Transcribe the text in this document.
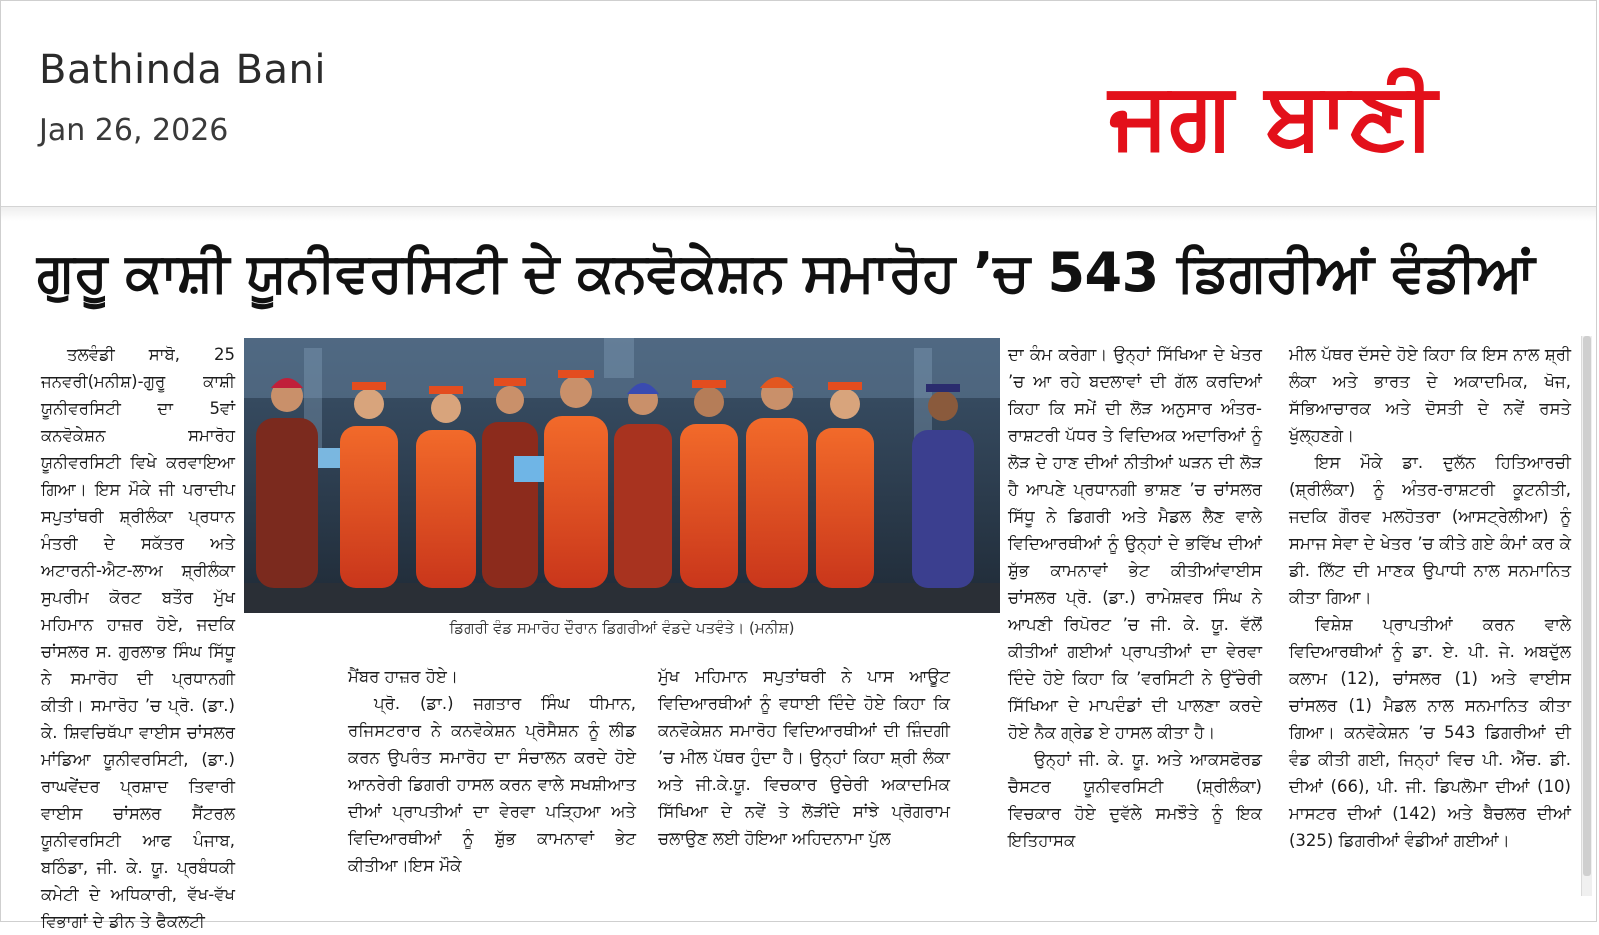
Bathinda Bani
Jan 26, 2026	ਜਗ ਬਾਣੀ
ਗੁਰੂ ਕਾਸ਼ੀ ਯੂਨੀਵਰਸਿਟੀ ਦੇ ਕਨਵੋਕੇਸ਼ਨ ਸਮਾਰੋਹ ’ਚ 543 ਡਿਗਰੀਆਂ ਵੰਡੀਆਂ

ਤਲਵੰਡੀ ਸਾਬੋ, 25 ਜਨਵਰੀ(ਮਨੀਸ਼)-ਗੁਰੂ ਕਾਸ਼ੀ ਯੂਨੀਵਰਸਿਟੀ ਦਾ 5ਵਾਂ ਕਨਵੋਕੇਸ਼ਨ ਸਮਾਰੋਹ ਯੂਨੀਵਰਸਿਟੀ ਵਿਖੇ ਕਰਵਾਇਆ ਗਿਆ। ਇਸ ਮੌਕੇ ਜੀ ਪਰਾਦੀਪ ਸਪੁਤਾਂਥਰੀ ਸ਼੍ਰੀਲੰਕਾ ਪ੍ਰਧਾਨ ਮੰਤਰੀ ਦੇ ਸਕੱਤਰ ਅਤੇ ਅਟਾਰਨੀ-ਐਟ-ਲਾਅ ਸ਼੍ਰੀਲੰਕਾ ਸੁਪਰੀਮ ਕੋਰਟ ਬਤੌਰ ਮੁੱਖ ਮਹਿਮਾਨ ਹਾਜ਼ਰ ਹੋਏ, ਜਦਕਿ ਚਾਂਸਲਰ ਸ. ਗੁਰਲਾਭ ਸਿੰਘ ਸਿੱਧੂ ਨੇ ਸਮਾਰੋਹ ਦੀ ਪ੍ਰਧਾਨਗੀ ਕੀਤੀ। ਸਮਾਰੋਹ ’ਚ ਪ੍ਰੋ. (ਡਾ.) ਕੇ. ਸ਼ਿਵਚਿਥੱਪਾ ਵਾਈਸ ਚਾਂਸਲਰ ਮਾਂਡਿਆ ਯੂਨੀਵਰਸਿਟੀ, (ਡਾ.) ਰਾਘਵੇਂਦਰ ਪ੍ਰਸ਼ਾਦ ਤਿਵਾਰੀ ਵਾਈਸ ਚਾਂਸਲਰ ਸੈਂਟਰਲ ਯੂਨੀਵਰਸਿਟੀ ਆਫ ਪੰਜਾਬ, ਬਠਿੰਡਾ, ਜੀ. ਕੇ. ਯੂ. ਪ੍ਰਬੰਧਕੀ ਕਮੇਟੀ ਦੇ ਅਧਿਕਾਰੀ, ਵੱਖ-ਵੱਖ ਵਿਭਾਗਾਂ ਦੇ ਡੀਨ ਤੇ ਫੈਕਲਟੀ

ਡਿਗਰੀ ਵੰਡ ਸਮਾਰੋਹ ਦੌਰਾਨ ਡਿਗਰੀਆਂ ਵੰਡਦੇ ਪਤਵੰਤੇ। (ਮਨੀਸ਼)

ਮੈਂਬਰ ਹਾਜ਼ਰ ਹੋਏ।

ਪ੍ਰੋ. (ਡਾ.) ਜਗਤਾਰ ਸਿੰਘ ਧੀਮਾਨ, ਰਜਿਸਟਰਾਰ ਨੇ ਕਨਵੋਕੇਸ਼ਨ ਪ੍ਰੋਸੈਸ਼ਨ ਨੂੰ ਲੀਡ ਕਰਨ ਉਪਰੰਤ ਸਮਾਰੋਹ ਦਾ ਸੰਚਾਲਨ ਕਰਦੇ ਹੋਏ ਆਨਰੇਰੀ ਡਿਗਰੀ ਹਾਸਲ ਕਰਨ ਵਾਲੇ ਸਖਸ਼ੀਆਤ ਦੀਆਂ ਪ੍ਰਾਪਤੀਆਂ ਦਾ ਵੇਰਵਾ ਪੜ੍ਹਿਆ ਅਤੇ ਵਿਦਿਆਰਥੀਆਂ ਨੂੰ ਸ਼ੁੱਭ ਕਾਮਨਾਵਾਂ ਭੇਟ ਕੀਤੀਆ।ਇਸ ਮੌਕੇ

ਮੁੱਖ ਮਹਿਮਾਨ ਸਪੁਤਾਂਥਰੀ ਨੇ ਪਾਸ ਆਊਟ ਵਿਦਿਆਰਥੀਆਂ ਨੂੰ ਵਧਾਈ ਦਿੰਦੇ ਹੋਏ ਕਿਹਾ ਕਿ ਕਨਵੋਕੇਸ਼ਨ ਸਮਾਰੋਹ ਵਿਦਿਆਰਥੀਆਂ ਦੀ ਜ਼ਿੰਦਗੀ ’ਚ ਮੀਲ ਪੱਥਰ ਹੁੰਦਾ ਹੈ। ਉਨ੍ਹਾਂ ਕਿਹਾ ਸ਼੍ਰੀ ਲੰਕਾ ਅਤੇ ਜੀ.ਕੇ.ਯੂ. ਵਿਚਕਾਰ ਉਚੇਰੀ ਅਕਾਦਮਿਕ ਸਿੱਖਿਆ ਦੇ ਨਵੇਂ ਤੇ ਲੋੜੀਂਦੇ ਸਾਂਝੇ ਪ੍ਰੋਗਰਾਮ ਚਲਾਉਣ ਲਈ ਹੋਇਆ ਅਹਿਦਨਾਮਾ ਪੁੱਲ

ਦਾ ਕੰਮ ਕਰੇਗਾ। ਉਨ੍ਹਾਂ ਸਿੱਖਿਆ ਦੇ ਖੇਤਰ ’ਚ ਆ ਰਹੇ ਬਦਲਾਵਾਂ ਦੀ ਗੱਲ ਕਰਦਿਆਂ ਕਿਹਾ ਕਿ ਸਮੇਂ ਦੀ ਲੋੜ ਅਨੁਸਾਰ ਅੰਤਰ-ਰਾਸ਼ਟਰੀ ਪੱਧਰ ਤੇ ਵਿਦਿਅਕ ਅਦਾਰਿਆਂ ਨੂੰ ਲੋੜ ਦੇ ਹਾਣ ਦੀਆਂ ਨੀਤੀਆਂ ਘੜਨ ਦੀ ਲੋੜ ਹੈ ਆਪਣੇ ਪ੍ਰਧਾਨਗੀ ਭਾਸ਼ਣ ’ਚ ਚਾਂਸਲਰ ਸਿੱਧੂ ਨੇ ਡਿਗਰੀ ਅਤੇ ਮੈਡਲ ਲੈਣ ਵਾਲੇ ਵਿਦਿਆਰਥੀਆਂ ਨੂੰ ਉਨ੍ਹਾਂ ਦੇ ਭਵਿੱਖ ਦੀਆਂ ਸ਼ੁੱਭ ਕਾਮਨਾਵਾਂ ਭੇਟ ਕੀਤੀਆਂਵਾਈਸ ਚਾਂਸਲਰ ਪ੍ਰੋ. (ਡਾ.) ਰਾਮੇਸ਼ਵਰ ਸਿੰਘ ਨੇ ਆਪਣੀ ਰਿਪੋਰਟ ’ਚ ਜੀ. ਕੇ. ਯੂ. ਵੱਲੋਂ ਕੀਤੀਆਂ ਗਈਆਂ ਪ੍ਰਾਪਤੀਆਂ ਦਾ ਵੇਰਵਾ ਦਿੰਦੇ ਹੋਏ ਕਿਹਾ ਕਿ ’ਵਰਸਿਟੀ ਨੇ ਉੱਚੇਰੀ ਸਿੱਖਿਆ ਦੇ ਮਾਪਦੰਡਾਂ ਦੀ ਪਾਲਣਾ ਕਰਦੇ ਹੋਏ ਨੈਕ ਗ੍ਰੇਡ ਏ ਹਾਸਲ ਕੀਤਾ ਹੈ।

ਉਨ੍ਹਾਂ ਜੀ. ਕੇ. ਯੂ. ਅਤੇ ਆਕਸਫੋਰਡ ਚੈਸਟਰ ਯੂਨੀਵਰਸਿਟੀ (ਸ਼੍ਰੀਲੰਕਾ) ਵਿਚਕਾਰ ਹੋਏ ਦੁਵੱਲੇ ਸਮਝੌਤੇ ਨੂੰ ਇਕ ਇਤਿਹਾਸਕ

ਮੀਲ ਪੱਥਰ ਦੱਸਦੇ ਹੋਏ ਕਿਹਾ ਕਿ ਇਸ ਨਾਲ ਸ਼੍ਰੀ ਲੰਕਾ ਅਤੇ ਭਾਰਤ ਦੇ ਅਕਾਦਮਿਕ, ਖੋਜ, ਸੱਭਿਆਚਾਰਕ ਅਤੇ ਦੋਸਤੀ ਦੇ ਨਵੇਂ ਰਸਤੇ ਖੁੱਲ੍ਹਣਗੇ।

ਇਸ ਮੌਕੇ ਡਾ. ਦੁਲੱਨ ਹਿਤਿਆਰਚੀ (ਸ਼੍ਰੀਲੰਕਾ) ਨੂੰ ਅੰਤਰ-ਰਾਸ਼ਟਰੀ ਕੂਟਨੀਤੀ, ਜਦਕਿ ਗੌਰਵ ਮਲਹੋਤਰਾ (ਆਸਟ੍ਰੇਲੀਆ) ਨੂੰ ਸਮਾਜ ਸੇਵਾ ਦੇ ਖੇਤਰ ’ਚ ਕੀਤੇ ਗਏ ਕੰਮਾਂ ਕਰ ਕੇ ਡੀ. ਲਿੱਟ ਦੀ ਮਾਣਕ ਉਪਾਧੀ ਨਾਲ ਸਨਮਾਨਿਤ ਕੀਤਾ ਗਿਆ।

ਵਿਸ਼ੇਸ਼ ਪ੍ਰਾਪਤੀਆਂ ਕਰਨ ਵਾਲੇ ਵਿਦਿਆਰਥੀਆਂ ਨੂੰ ਡਾ. ਏ. ਪੀ. ਜੇ. ਅਬਦੁੱਲ ਕਲਾਮ (12), ਚਾਂਸਲਰ (1) ਅਤੇ ਵਾਈਸ ਚਾਂਸਲਰ (1) ਮੈਡਲ ਨਾਲ ਸਨਮਾਨਿਤ ਕੀਤਾ ਗਿਆ। ਕਨਵੋਕੇਸ਼ਨ ’ਚ 543 ਡਿਗਰੀਆਂ ਦੀ ਵੰਡ ਕੀਤੀ ਗਈ, ਜਿਨ੍ਹਾਂ ਵਿਚ ਪੀ. ਐੱਚ. ਡੀ. ਦੀਆਂ (66), ਪੀ. ਜੀ. ਡਿਪਲੋਮਾ ਦੀਆਂ (10) ਮਾਸਟਰ ਦੀਆਂ (142) ਅਤੇ ਬੈਚਲਰ ਦੀਆਂ (325) ਡਿਗਰੀਆਂ ਵੰਡੀਆਂ ਗਈਆਂ।
